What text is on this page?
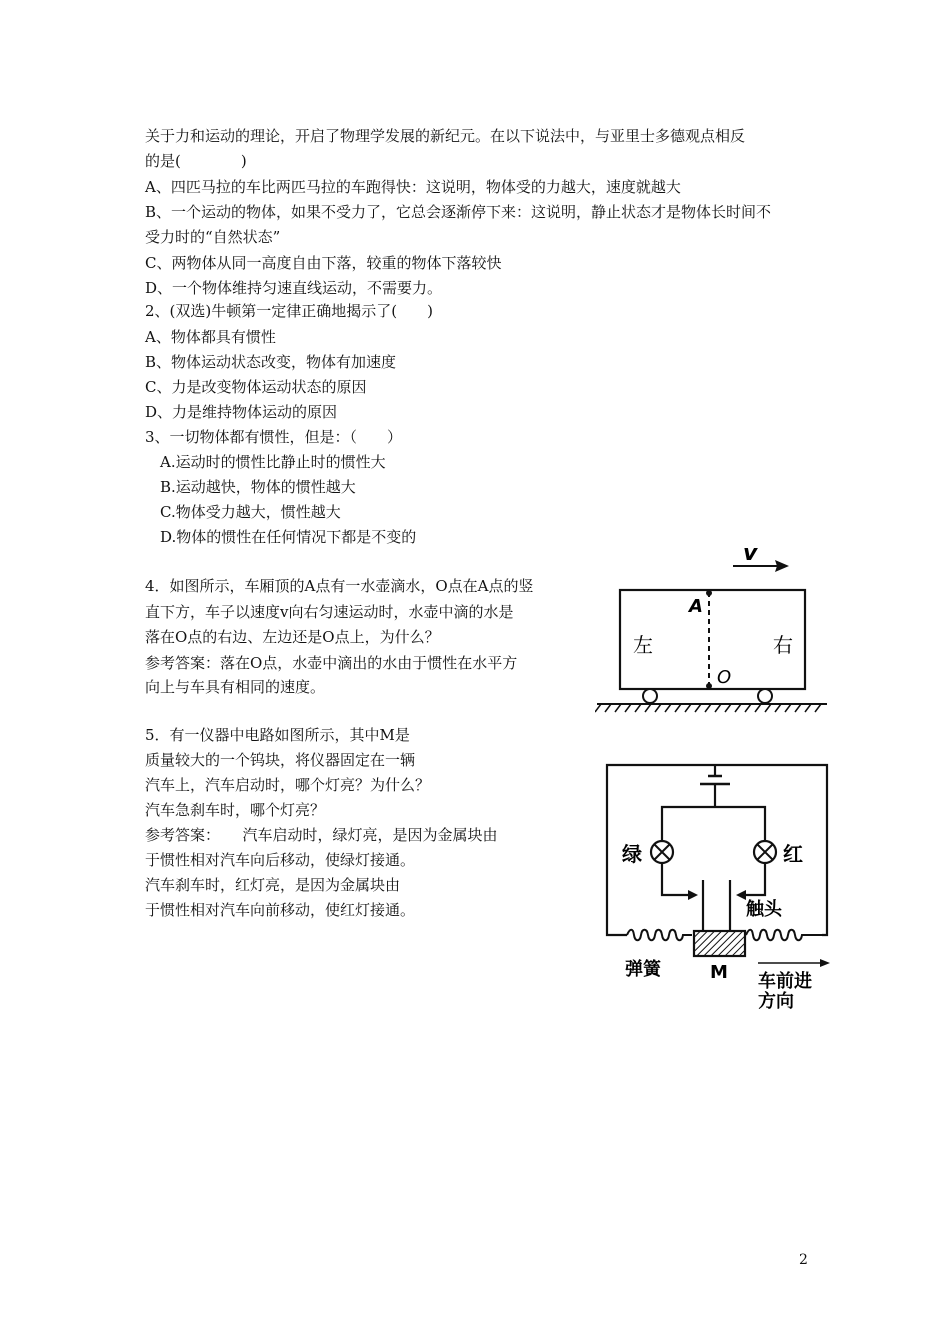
关于力和运动的理论，开启了物理学发展的新纪元。在以下说法中，与亚里士多德观点相反
的是(　　　　)
A、四匹马拉的车比两匹马拉的车跑得快：这说明，物体受的力越大，速度就越大
B、一个运动的物体，如果不受力了，它总会逐渐停下来：这说明，静止状态才是物体长时间不
受力时的“自然状态”
C、两物体从同一高度自由下落，较重的物体下落较快
D、一个物体维持匀速直线运动，不需要力。
2、(双选)牛顿第一定律正确地揭示了(　　)
A、物体都具有惯性
B、物体运动状态改变，物体有加速度
C、力是改变物体运动状态的原因
D、力是维持物体运动的原因
3、一切物体都有惯性，但是：（　　）
A.运动时的惯性比静止时的惯性大
B.运动越快，物体的惯性越大
C.物体受力越大，惯性越大
D.物体的惯性在任何情况下都是不变的
4．如图所示，车厢顶的A点有一水壶滴水，O点在A点的竖
直下方，车子以速度v向右匀速运动时，水壶中滴的水是
落在O点的右边、左边还是O点上，为什么？
参考答案：落在O点，水壶中滴出的水由于惯性在水平方
向上与车具有相同的速度。
5．有一仪器中电路如图所示，其中M是
质量较大的一个钨块，将仪器固定在一辆
汽车上，汽车启动时，哪个灯亮？为什么？
汽车急刹车时，哪个灯亮？
参考答案：　　汽车启动时，绿灯亮，是因为金属块由
于惯性相对汽车向后移动，使绿灯接通。
汽车刹车时，红灯亮，是因为金属块由
于惯性相对汽车向前移动，使红灯接通。
v
A
O
左	右
绿	红
触头
弹簧	M 车前进
方向
2
